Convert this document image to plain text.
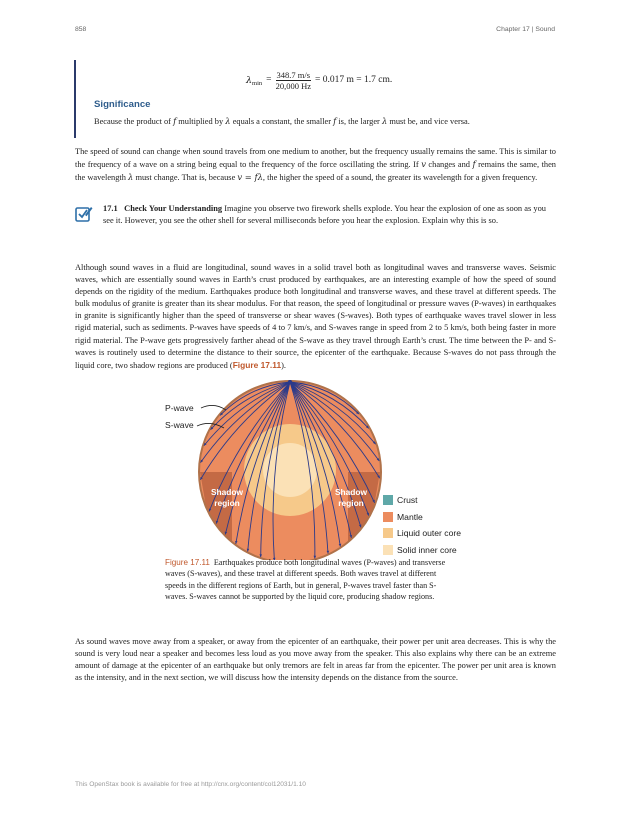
858	Chapter 17 | Sound
λ $\min = \frac{348.7 m/s}{20,000 Hz} = 0.017$ m = 1.7 cm.
Significance
Because the product of f multiplied by λ equals a constant, the smaller f is, the larger λ must be, and vice versa.

The speed of sound can change when sound travels from one medium to another, but the frequency usually remains the same. This is similar to the frequency of a wave on a string being equal to the frequency of the force oscillating the string. If v changes and f remains the same, then the wavelength λ must change. That is, because v = fλ, the higher the speed of a sound, the greater its wavelength for a given frequency.

17.1 Check Your Understanding Imagine you observe two firework shells explode. You hear the explosion of one as soon as you see it. However, you see the other shell for several milliseconds before you hear the explosion. Explain why this is so.

Although sound waves in a fluid are longitudinal, sound waves in a solid travel both as longitudinal waves and transverse waves. Seismic waves, which are essentially sound waves in Earth’s crust produced by earthquakes, are an interesting example of how the speed of sound depends on the rigidity of the medium. Earthquakes produce both longitudinal and transverse waves, and these travel at different speeds. The bulk modulus of granite is greater than its shear modulus. For that reason, the speed of longitudinal or pressure waves (P-waves) in earthquakes in granite is significantly higher than the speed of transverse or shear waves (S-waves). Both types of earthquake waves travel slower in less rigid material, such as sediments. P-waves have speeds of 4 to 7 km/s, and S-waves range in speed from 2 to 5 km/s, both being faster in more rigid material. The P-wave gets progressively farther ahead of the S-wave as they travel through Earth’s crust. The time between the P- and S-waves is routinely used to determine the distance to their source, the epicenter of the earthquake. Because S-waves do not pass through the liquid core, two shadow regions are produced (Figure 17.11).

P-wave
S-wave
Shadow
region
Shadow
region	Crust
Mantle
Liquid outer core
Solid inner core

Figure 17.11 Earthquakes produce both longitudinal waves (P-waves) and transverse waves (S-waves), and these travel at different speeds. Both waves travel at different speeds in the different regions of Earth, but in general, P-waves travel faster than S-waves. S-waves cannot be supported by the liquid core, producing shadow regions.

As sound waves move away from a speaker, or away from the epicenter of an earthquake, their power per unit area decreases. This is why the sound is very loud near a speaker and becomes less loud as you move away from the speaker. This also explains why there can be an extreme amount of damage at the epicenter of an earthquake but only tremors are felt in areas far from the epicenter. The power per unit area is known as the intensity, and in the next section, we will discuss how the intensity depends on the distance from the source.

This OpenStax book is available for free at http://cnx.org/content/col12031/1.10
